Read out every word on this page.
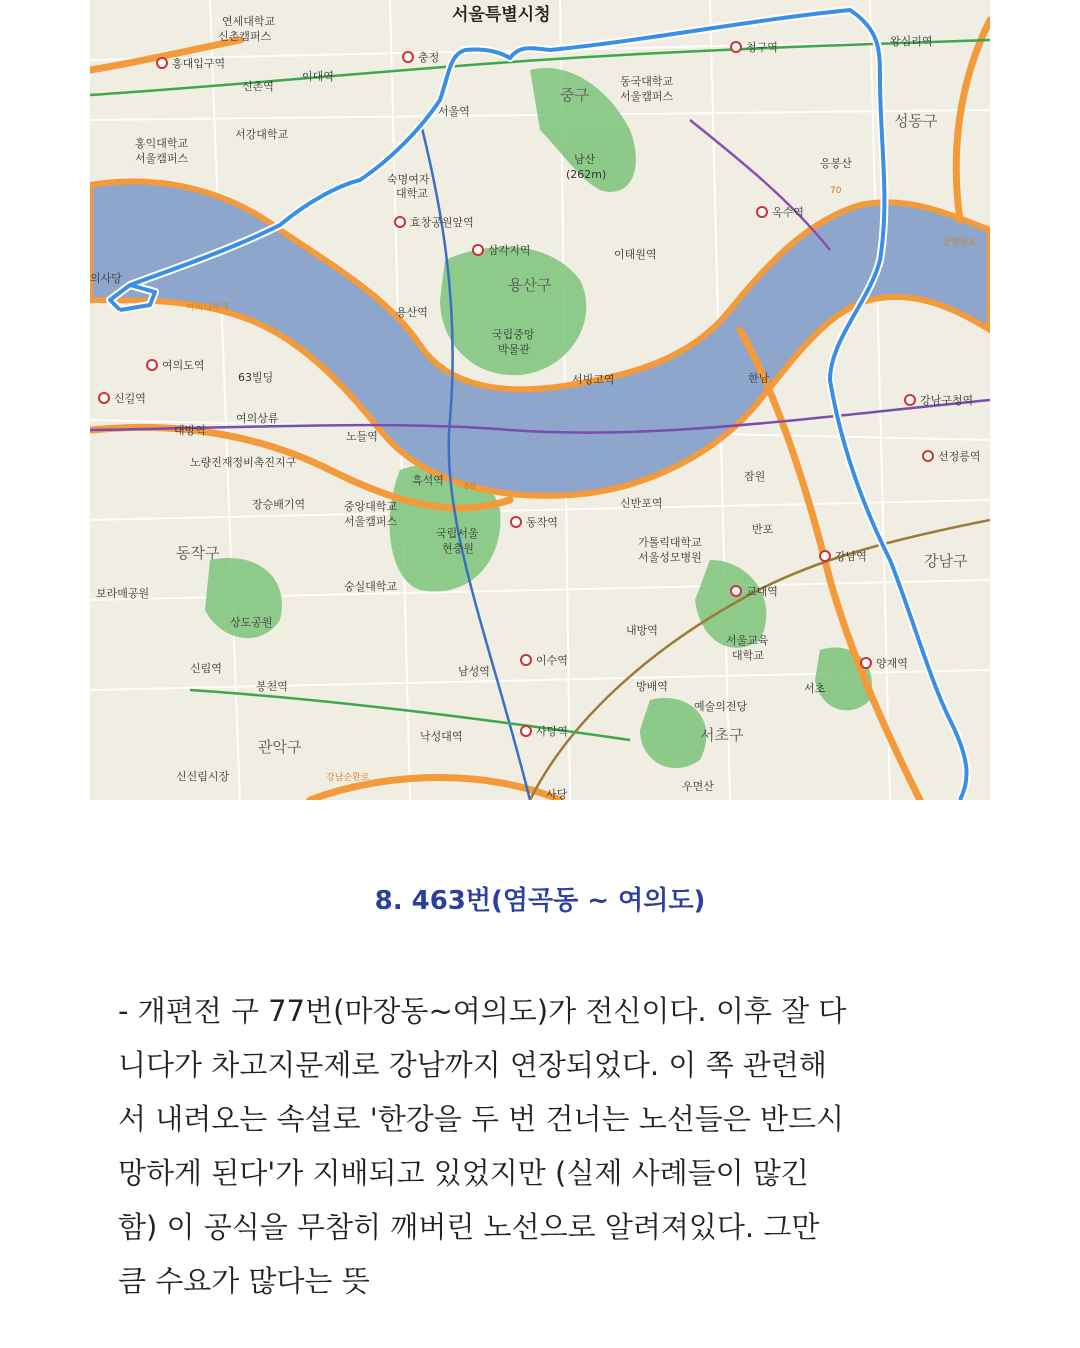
서울특별시청
연세대학교
신촌캠퍼스
홍대입구역
신촌역
이대역
충정
서울역
중구
동국대학교
서울캠퍼스
서강대학교
홍익대학교
서울캠퍼스
숙명여자
대학교
남산
(262m)
청구역	왕십리역
성동구
응봉산
옥수역
효창공원앞역
삼각지역	이태원역
용산구
용산역
국립중앙
박물관
여의도역
63빌딩
신길역
대방역
여의상류
한남
서빙고역
강남구청역
선정릉역
노량진재정비촉진지구
노들역
흑석역	잠원
신반포역
가톨릭대학교
서울성모병원
반포
강남역	강남구
동작구
중앙대학교
서울캠퍼스
국립서울
현충원
동작역
장승배기역
숭실대학교
보라매공원
상도공원
교대역
서울교육
대학교
내방역
남성역
이수역
신림역
봉천역	방배역	서초
양재역
예술의전당
서초구
낙성대역	사당역
관악구
신신림시장
우면산
강남순환로
사당
70
88
의사당
강변북로
여의나루역
8. 463번(염곡동 ~ 여의도)

- 개편전 구 77번(마장동~여의도)가 전신이다. 이후 잘 다

니다가 차고지문제로 강남까지 연장되었다. 이 쪽 관련해

서 내려오는 속설로 '한강을 두 번 건너는 노선들은 반드시

망하게 된다'가 지배되고 있었지만 (실제 사례들이 많긴

함) 이 공식을 무참히 깨버린 노선으로 알려져있다. 그만

큼 수요가 많다는 뜻
